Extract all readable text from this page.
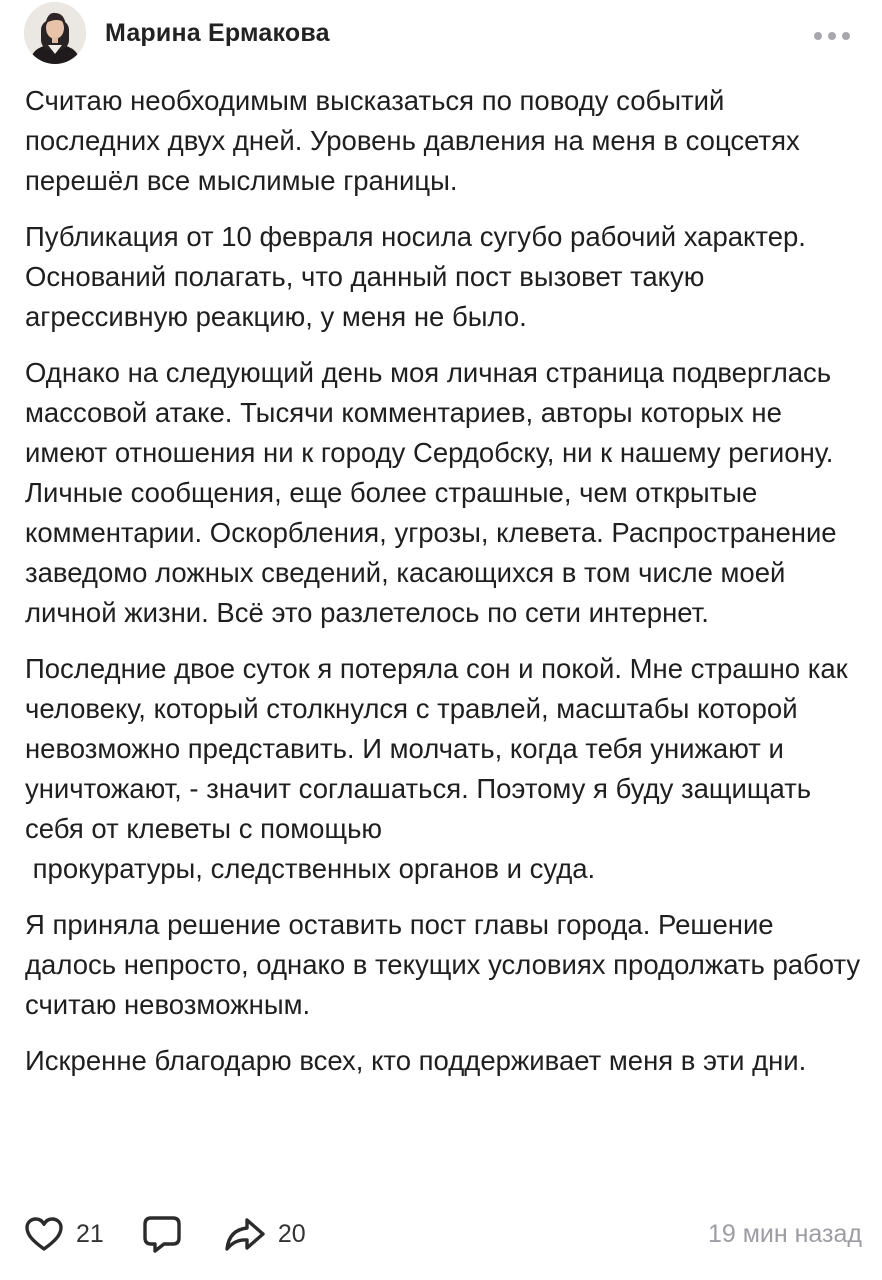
Марина Ермакова

Считаю необходимым высказаться по поводу событий последних двух дней. Уровень давления на меня в соцсетях перешёл все мыслимые границы.

Публикация от 10 февраля носила сугубо рабочий характер. Оснований полагать, что данный пост вызовет такую агрессивную реакцию, у меня не было.

Однако на следующий день моя личная страница подверглась массовой атаке. Тысячи комментариев, авторы которых не имеют отношения ни к городу Сердобску, ни к нашему региону. Личные сообщения, еще более страшные, чем открытые комментарии. Оскорбления, угрозы, клевета. Распространение заведомо ложных сведений, касающихся в том числе моей личной жизни. Всё это разлетелось по сети интернет.

Последние двое суток я потеряла сон и покой. Мне страшно как человеку, который столкнулся с травлей, масштабы которой невозможно представить. И молчать, когда тебя унижают и уничтожают, - значит соглашаться. Поэтому я буду защищать себя от клеветы с помощью
прокуратуры, следственных органов и суда.

Я приняла решение оставить пост главы города. Решение далось непросто, однако в текущих условиях продолжать работу считаю невозможным.

Искренне благодарю всех, кто поддерживает меня в эти дни.

21	20	19 мин назад
